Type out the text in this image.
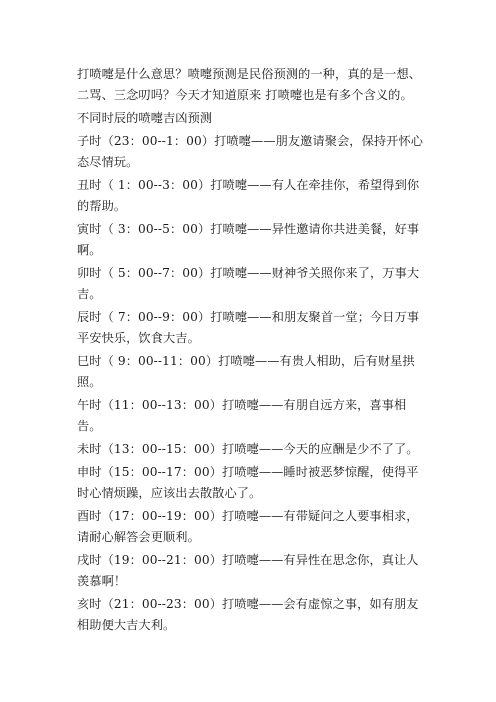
打喷嚏是什么意思？喷嚏预测是民俗预测的一种，真的是一想、二骂、三念叨吗？今天才知道原来 打喷嚏也是有多个含义的。

不同时辰的喷嚏吉凶预测

子时（23：00--1：00）打喷嚏——朋友邀请聚会，保持开怀心态尽情玩。

丑时（ 1：00--3：00）打喷嚏——有人在牵挂你，希望得到你的帮助。

寅时（ 3：00--5：00）打喷嚏——异性邀请你共进美餐，好事啊。

卯时（ 5：00--7：00）打喷嚏——财神爷关照你来了，万事大吉。

辰时（ 7：00--9：00）打喷嚏——和朋友聚首一堂；今日万事平安快乐，饮食大吉。

巳时（ 9：00--11：00）打喷嚏——有贵人相助，后有财星拱照。

午时（11：00--13：00）打喷嚏——有朋自远方来，喜事相告。

未时（13：00--15：00）打喷嚏——今天的应酬是少不了了。

申时（15：00--17：00）打喷嚏——睡时被恶梦惊醒，使得平时心情烦躁，应该出去散散心了。

酉时（17：00--19：00）打喷嚏——有带疑问之人要事相求，请耐心解答会更顺利。

戌时（19：00--21：00）打喷嚏——有异性在思念你，真让人羡慕啊！

亥时（21：00--23：00）打喷嚏——会有虚惊之事，如有朋友相助便大吉大利。
